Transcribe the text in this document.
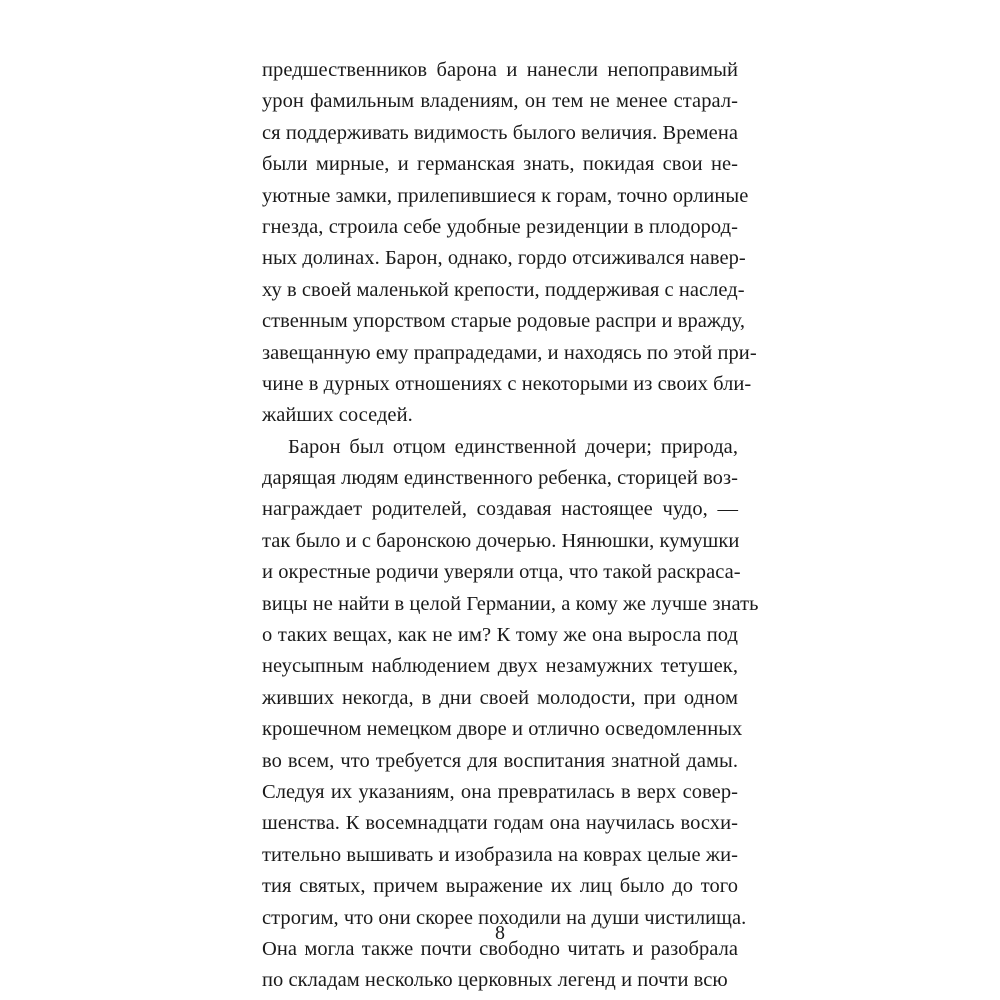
предшественников барона и нанесли непоправимый
урон фамильным владениям, он тем не менее старал-
ся поддерживать видимость былого величия. Времена
были мирные, и германская знать, покидая свои не-
уютные замки, прилепившиеся к горам, точно орлиные
гнезда, строила себе удобные резиденции в плодород-
ных долинах. Барон, однако, гордо отсиживался навер-
ху в своей маленькой крепости, поддерживая с наслед-
ственным упорством старые родовые распри и вражду,
завещанную ему прапрадедами, и находясь по этой при-
чине в дурных отношениях с некоторыми из своих бли-
жайших соседей.
Барон был отцом единственной дочери; природа,
дарящая людям единственного ребенка, сторицей воз-
награждает родителей, создавая настоящее чудо, —
так было и с баронскою дочерью. Нянюшки, кумушки
и окрестные родичи уверяли отца, что такой раскраса-
вицы не найти в целой Германии, а кому же лучше знать
о таких вещах, как не им? К тому же она выросла под
неусыпным наблюдением двух незамужних тетушек,
живших некогда, в дни своей молодости, при одном
крошечном немецком дворе и отлично осведомленных
во всем, что требуется для воспитания знатной дамы.
Следуя их указаниям, она превратилась в верх совер-
шенства. К восемнадцати годам она научилась восхи-
тительно вышивать и изобразила на коврах целые жи-
тия святых, причем выражение их лиц было до того
строгим, что они скорее походили на души чистилища.
Она могла также почти свободно читать и разобрала
по складам несколько церковных легенд и почти всю
8
